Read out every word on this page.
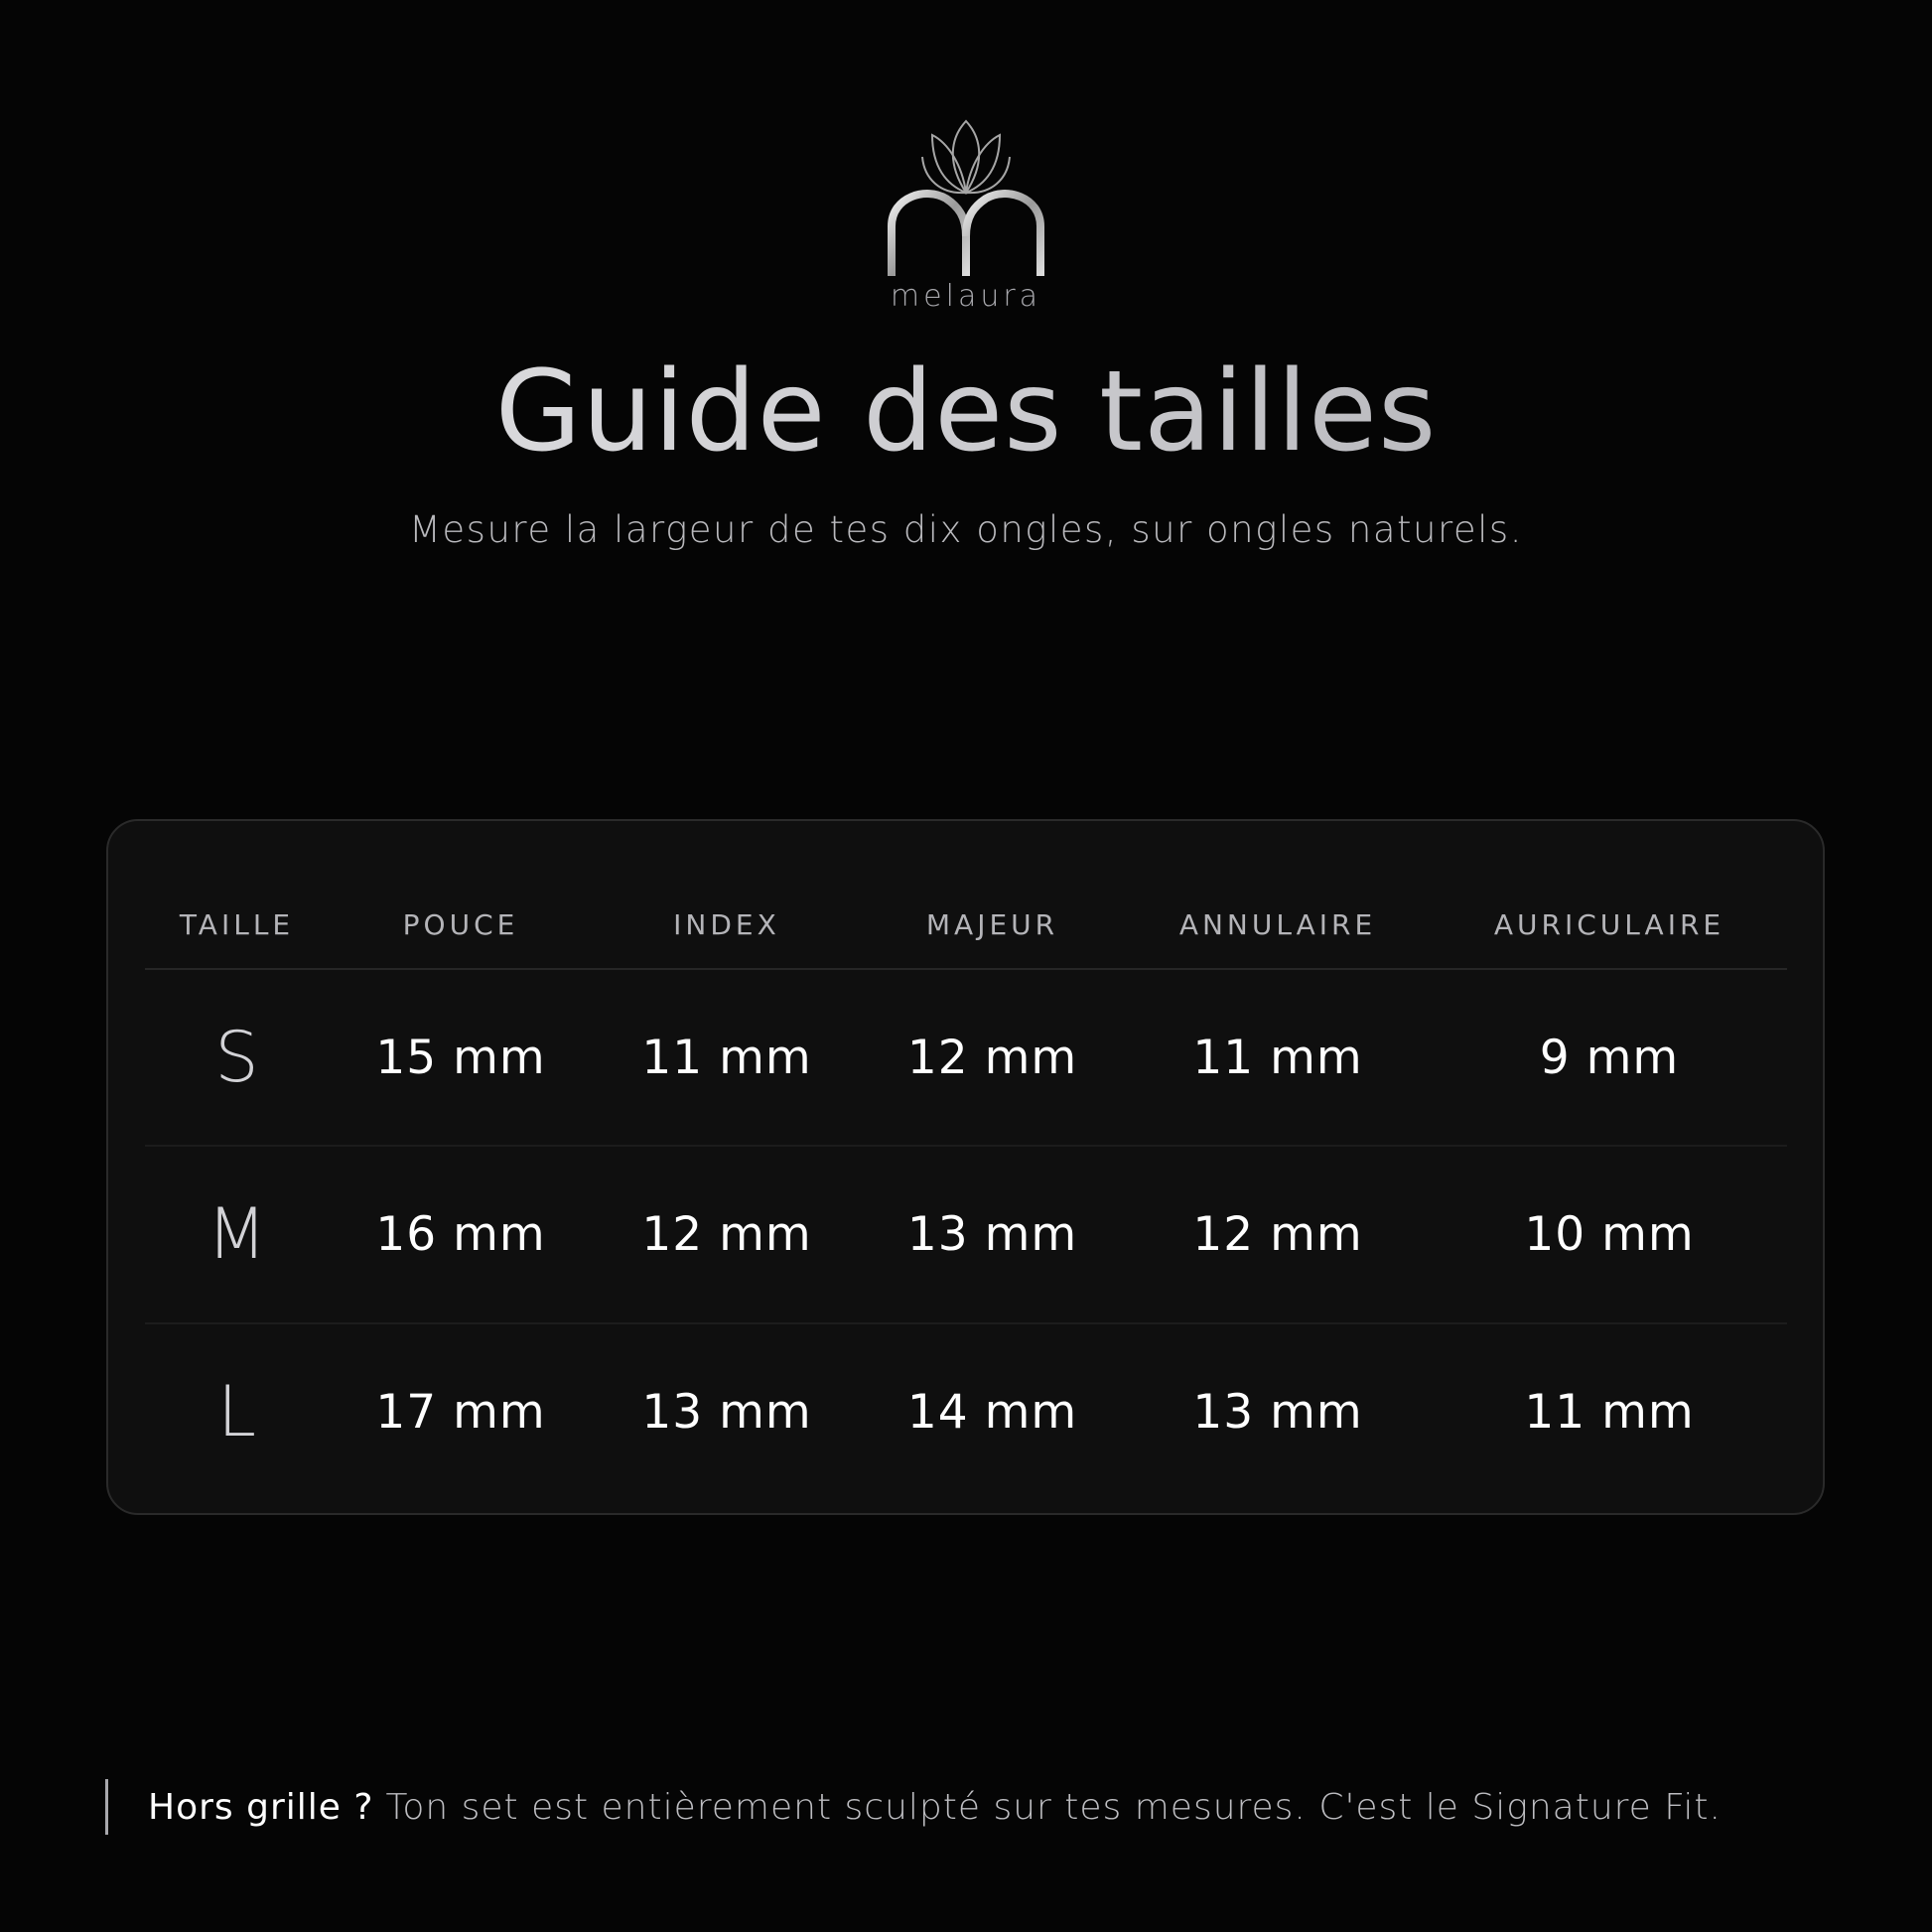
melaura
Guide des tailles
Mesure la largeur de tes dix ongles, sur ongles naturels.
TAILLE	POUCE	INDEX	MAJEUR	ANNULAIRE	AURICULAIRE
S	15 mm	11 mm	12 mm	11 mm	9 mm
M	16 mm	12 mm	13 mm	12 mm	10 mm
L	17 mm	13 mm	14 mm	13 mm	11 mm
Hors grille ? Ton set est entièrement sculpté sur tes mesures. C'est le Signature Fit.
